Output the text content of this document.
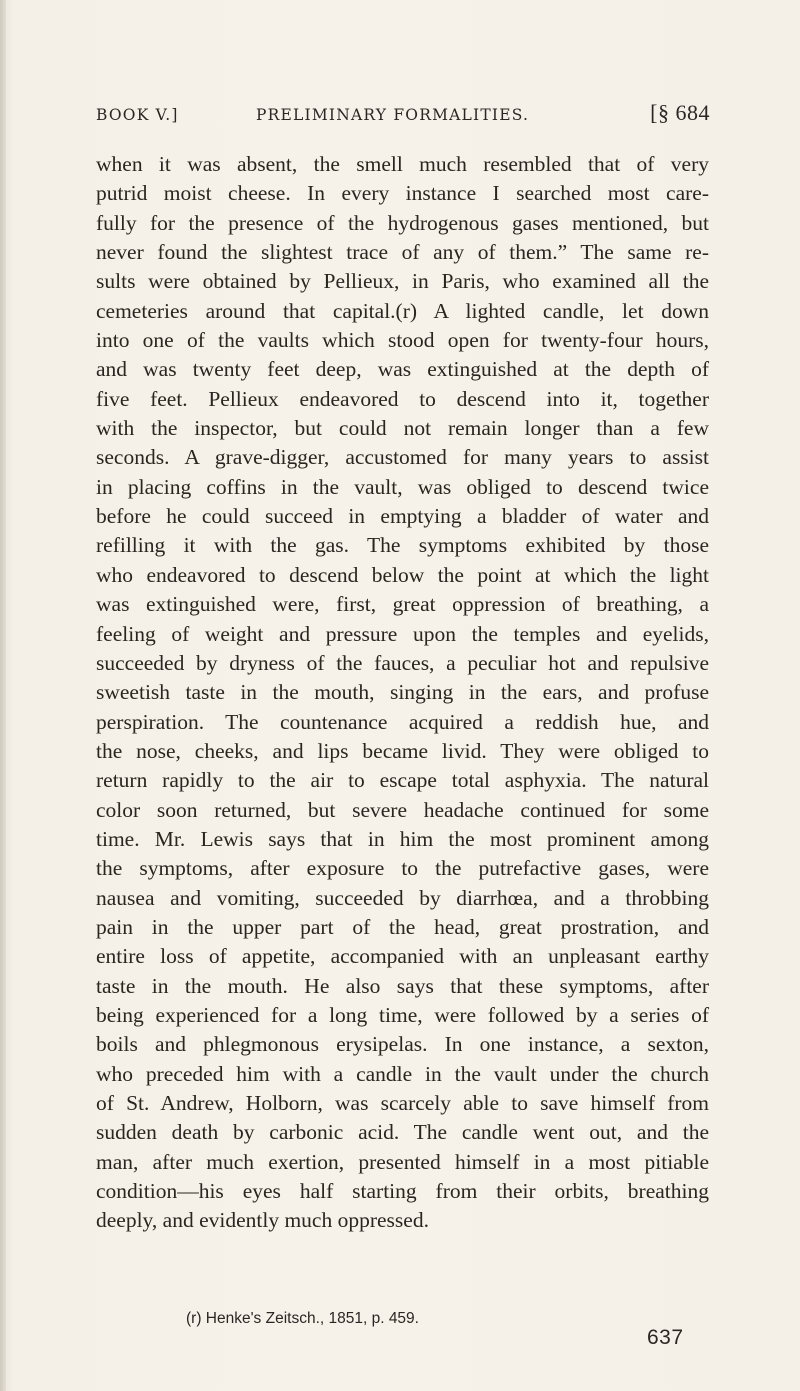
BOOK V.]	PRELIMINARY FORMALITIES.	[§ 684
when it was absent, the smell much resembled that of very
putrid moist cheese. In every instance I searched most care-
fully for the presence of the hydrogenous gases mentioned, but
never found the slightest trace of any of them.” The same re-
sults were obtained by Pellieux, in Paris, who examined all the
cemeteries around that capital.(r) A lighted candle, let down
into one of the vaults which stood open for twenty-four hours,
and was twenty feet deep, was extinguished at the depth of
five feet. Pellieux endeavored to descend into it, together
with the inspector, but could not remain longer than a few
seconds. A grave-digger, accustomed for many years to assist
in placing coffins in the vault, was obliged to descend twice
before he could succeed in emptying a bladder of water and
refilling it with the gas. The symptoms exhibited by those
who endeavored to descend below the point at which the light
was extinguished were, first, great oppression of breathing, a
feeling of weight and pressure upon the temples and eyelids,
succeeded by dryness of the fauces, a peculiar hot and repulsive
sweetish taste in the mouth, singing in the ears, and profuse
perspiration. The countenance acquired a reddish hue, and
the nose, cheeks, and lips became livid. They were obliged to
return rapidly to the air to escape total asphyxia. The natural
color soon returned, but severe headache continued for some
time. Mr. Lewis says that in him the most prominent among
the symptoms, after exposure to the putrefactive gases, were
nausea and vomiting, succeeded by diarrhœa, and a throbbing
pain in the upper part of the head, great prostration, and
entire loss of appetite, accompanied with an unpleasant earthy
taste in the mouth. He also says that these symptoms, after
being experienced for a long time, were followed by a series of
boils and phlegmonous erysipelas. In one instance, a sexton,
who preceded him with a candle in the vault under the church
of St. Andrew, Holborn, was scarcely able to save himself from
sudden death by carbonic acid. The candle went out, and the
man, after much exertion, presented himself in a most pitiable
condition—his eyes half starting from their orbits, breathing
deeply, and evidently much oppressed.
(r) Henke's Zeitsch., 1851, p. 459.
637
